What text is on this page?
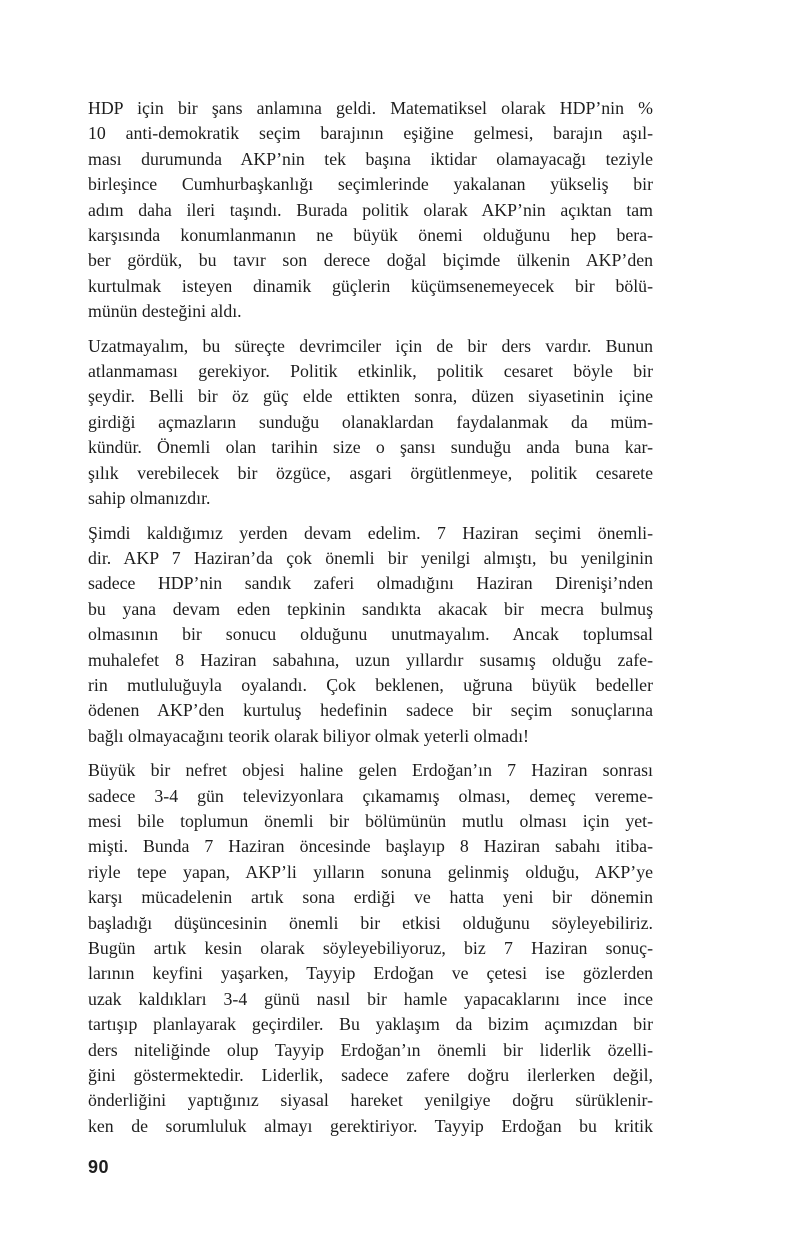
HDP için bir şans anlamına geldi. Matematiksel olarak HDP’nin %
10 anti-demokratik seçim barajının eşiğine gelmesi, barajın aşıl-
ması durumunda AKP’nin tek başına iktidar olamayacağı teziyle
birleşince Cumhurbaşkanlığı seçimlerinde yakalanan yükseliş bir
adım daha ileri taşındı. Burada politik olarak AKP’nin açıktan tam
karşısında konumlanmanın ne büyük önemi olduğunu hep bera-
ber gördük, bu tavır son derece doğal biçimde ülkenin AKP’den
kurtulmak isteyen dinamik güçlerin küçümsenemeyecek bir bölü-
münün desteğini aldı.

Uzatmayalım, bu süreçte devrimciler için de bir ders vardır. Bunun
atlanmaması gerekiyor. Politik etkinlik, politik cesaret böyle bir
şeydir. Belli bir öz güç elde ettikten sonra, düzen siyasetinin içine
girdiği açmazların sunduğu olanaklardan faydalanmak da müm-
kündür. Önemli olan tarihin size o şansı sunduğu anda buna kar-
şılık verebilecek bir özgüce, asgari örgütlenmeye, politik cesarete
sahip olmanızdır.

Şimdi kaldığımız yerden devam edelim. 7 Haziran seçimi önemli-
dir. AKP 7 Haziran’da çok önemli bir yenilgi almıştı, bu yenilginin
sadece HDP’nin sandık zaferi olmadığını Haziran Direnişi’nden
bu yana devam eden tepkinin sandıkta akacak bir mecra bulmuş
olmasının bir sonucu olduğunu unutmayalım. Ancak toplumsal
muhalefet 8 Haziran sabahına, uzun yıllardır susamış olduğu zafe-
rin mutluluğuyla oyalandı. Çok beklenen, uğruna büyük bedeller
ödenen AKP’den kurtuluş hedefinin sadece bir seçim sonuçlarına
bağlı olmayacağını teorik olarak biliyor olmak yeterli olmadı!

Büyük bir nefret objesi haline gelen Erdoğan’ın 7 Haziran sonrası
sadece 3-4 gün televizyonlara çıkamamış olması, demeç vereme-
mesi bile toplumun önemli bir bölümünün mutlu olması için yet-
mişti. Bunda 7 Haziran öncesinde başlayıp 8 Haziran sabahı itiba-
riyle tepe yapan, AKP’li yılların sonuna gelinmiş olduğu, AKP’ye
karşı mücadelenin artık sona erdiği ve hatta yeni bir dönemin
başladığı düşüncesinin önemli bir etkisi olduğunu söyleyebiliriz.
Bugün artık kesin olarak söyleyebiliyoruz, biz 7 Haziran sonuç-
larının keyfini yaşarken, Tayyip Erdoğan ve çetesi ise gözlerden
uzak kaldıkları 3-4 günü nasıl bir hamle yapacaklarını ince ince
tartışıp planlayarak geçirdiler. Bu yaklaşım da bizim açımızdan bir
ders niteliğinde olup Tayyip Erdoğan’ın önemli bir liderlik özelli-
ğini göstermektedir. Liderlik, sadece zafere doğru ilerlerken değil,
önderliğini yaptığınız siyasal hareket yenilgiye doğru sürüklenir-
ken de sorumluluk almayı gerektiriyor. Tayyip Erdoğan bu kritik

90
